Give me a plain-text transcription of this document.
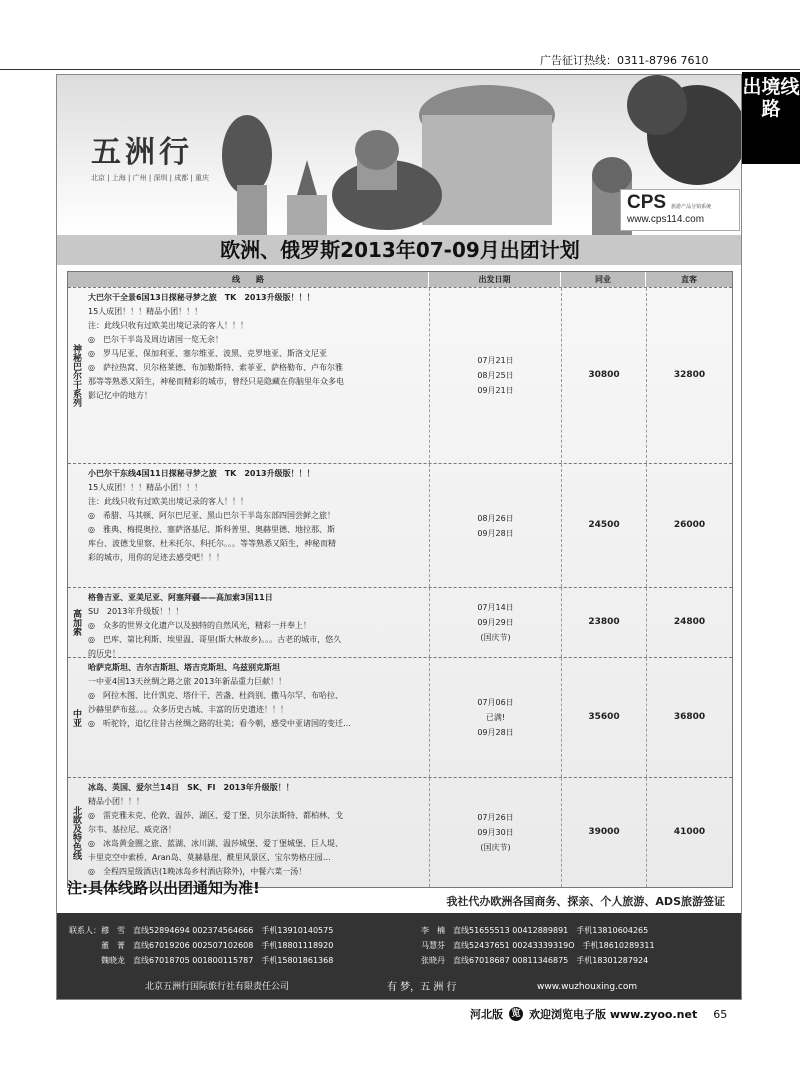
广告征订热线：0311-8796 7610
出境线路
五洲行
北京 | 上海 | 广州 | 深圳 | 成都 | 重庆
CPS 旅游产品分销系统
www.cps114.com
欧洲、俄罗斯2013年07-09月出团计划
线　　路	出发日期	同业	直客
神秘巴尔干系列
大巴尔干全景6国13日探秘寻梦之旅　TK　2013升级版！！！
15人成团！！！精品小团！！！
注：此线只收有过欧美出境记录的客人！！！
◎　巴尔干半岛及周边诸国一览无余！
◎　罗马尼亚、保加利亚、塞尔维亚、波黑、克罗地亚、斯洛文尼亚
◎　萨拉热窝、贝尔格莱德、布加勒斯特、索菲亚、萨格勒布、卢布尔雅
那等等熟悉又陌生，神秘而精彩的城市，曾经只是隐藏在你脑里年众多电
影记忆中的地方！
07月21日
08月25日
09月21日
30800	32800
小巴尔干东线4国11日探秘寻梦之旅　TK　2013升级版！！！
15人成团！！！精品小团！！！
注：此线只收有过欧美出境记录的客人！！！
◎　希腊、马其顿、阿尔巴尼亚、黑山巴尔干半岛东部四国尝鲜之旅！
◎　雅典、梅提奥拉、塞萨洛基尼、斯科普里、奥赫里德、地拉那、斯
库台、波德戈里察、杜米托尔、科托尔。。。等等熟悉又陌生，神秘而精
彩的城市，用你的足迹去感受吧！！！
08月26日
09月28日
24500	26000
高加索
格鲁吉亚、亚美尼亚、阿塞拜疆——高加索3国11日
SU　2013年升级版！！！
◎　众多的世界文化遗产以及独特的自然风光，精彩一并奉上！
◎　巴库、第比利斯、埃里温、哥里(斯大林故乡)。。。古老的城市，悠久
的历史！
07月14日
09月29日
(国庆节)
23800	24800
中亚
哈萨克斯坦、吉尔吉斯坦、塔吉克斯坦、乌兹别克斯坦
一中亚4国13天丝绸之路之旅 2013年新品重力巨献！！
◎　阿拉木图、比什凯克、塔什干、苦盏、杜尚别、撒马尔罕、布哈拉、
沙赫里萨布兹。。。众多历史古城、丰富的历史遗迹！！！
◎　听驼铃，追忆往昔古丝绸之路的壮美；看今朝，感受中亚诸国的变迁…
07月06日
已满!
09月28日
35600	36800
北欧及特色线
冰岛、英国、爱尔兰14日　SK、FI　2013年升级版！！
精品小团！！！
◎　雷克雅未克、伦敦、温莎、湖区、爱丁堡、贝尔法斯特、都柏林、戈
尔韦、基拉尼、威克洛！
◎　冰岛黄金圈之旅、蓝湖、冰川湖、温莎城堡、爱丁堡城堡、巨人堤、
卡里克空中索桥、Aran岛、莫赫悬崖、酰里风景区、宝尔势格庄园…
◎　全程四星级酒店(1晚冰岛乡村酒店除外)，中餐六菜一汤！
07月26日
09月30日
(国庆节)
39000	41000
注:具体线路以出团通知为准!
我社代办欧洲各国商务、探亲、个人旅游、ADS旅游签证
联系人：穆　雪　直线52894694 002374564666　手机13910140575	李　楠　直线51655513 00412889891　手机13810604265
　　　　董　菁　直线67019206 002507102608　手机18801118920	马慧芬　直线52437651 00243339319O　手机18610289311
　　　　魏晓龙　直线67018705 001800115787　手机15801861368	张晓丹　直线67018687 00811346875　手机18301287924
北京五洲行国际旅行社有限责任公司	有 梦，五 洲 行	www.wuzhouxing.com
河北版 览 欢迎浏览电子版 www.zyoo.net 65
